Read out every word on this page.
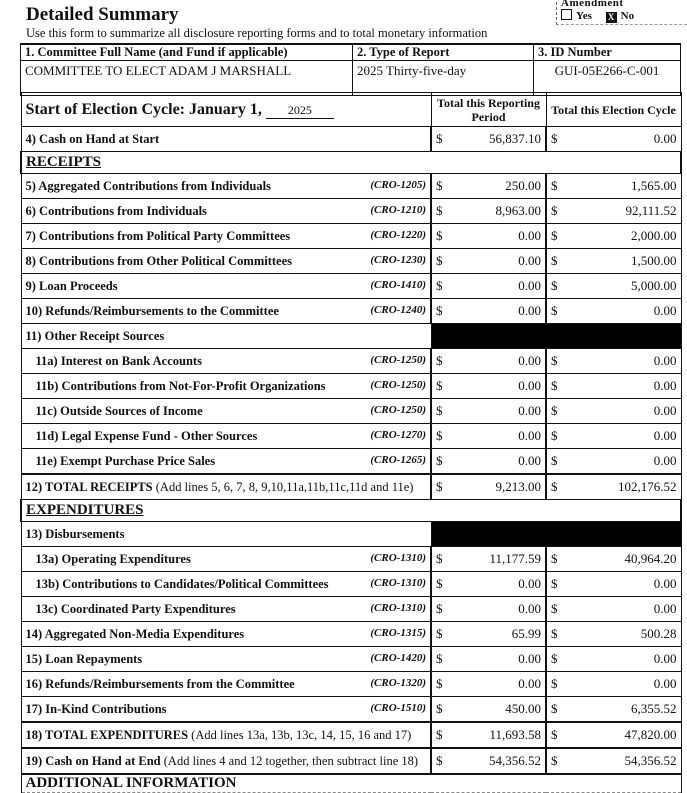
Detailed Summary
Use this form to summarize all disclosure reporting forms and to total monetary information
Amendment
Yes X No
1. Committee Full Name (and Fund if applicable)	2. Type of Report	3. ID Number
COMMITTEE TO ELECT ADAM J MARSHALL	2025 Thirty-five-day	GUI-05E266-C-001
Start of Election Cycle: January 1, 2025	Total this Reporting Period	Total this Election Cycle
4) Cash on Hand at Start	$ 56,837.10	$ 0.00

RECEIPTS		
5) Aggregated Contributions from Individuals (CRO-1205)	$ 250.00	$ 1,565.00

6) Contributions from Individuals (CRO-1210)	$ 8,963.00	$ 92,111.52

7) Contributions from Political Party Committees (CRO-1220)	$ 0.00	$ 2,000.00

8) Contributions from Other Political Committees (CRO-1230)	$ 0.00	$ 1,500.00

9) Loan Proceeds (CRO-1410)	$ 0.00	$ 5,000.00

10) Refunds/Reimbursements to the Committee (CRO-1240)	$ 0.00	$ 0.00

11) Other Receipt Sources		
11a) Interest on Bank Accounts (CRO-1250)	$ 0.00	$ 0.00

11b) Contributions from Not-For-Profit Organizations (CRO-1250)	$ 0.00	$ 0.00

11c) Outside Sources of Income (CRO-1250)	$ 0.00	$ 0.00

11d) Legal Expense Fund - Other Sources (CRO-1270)	$ 0.00	$ 0.00

11e) Exempt Purchase Price Sales (CRO-1265)	$ 0.00	$ 0.00

12) TOTAL RECEIPTS (Add lines 5, 6, 7, 8, 9,10,11a,11b,11c,11d and 11e)	$ 9,213.00	$ 102,176.52

EXPENDITURES		
13) Disbursements		
13a) Operating Expenditures (CRO-1310)	$ 11,177.59	$ 40,964.20

13b) Contributions to Candidates/Political Committees (CRO-1310)	$ 0.00	$ 0.00

13c) Coordinated Party Expenditures (CRO-1310)	$ 0.00	$ 0.00

14) Aggregated Non-Media Expenditures (CRO-1315)	$ 65.99	$ 500.28

15) Loan Repayments (CRO-1420)	$ 0.00	$ 0.00

16) Refunds/Reimbursements from the Committee (CRO-1320)	$ 0.00	$ 0.00

17) In-Kind Contributions (CRO-1510)	$ 450.00	$ 6,355.52

18) TOTAL EXPENDITURES (Add lines 13a, 13b, 13c, 14, 15, 16 and 17)	$ 11,693.58	$ 47,820.00

19) Cash on Hand at End (Add lines 4 and 12 together, then subtract line 18)	$ 54,356.52	$ 54,356.52

ADDITIONAL INFORMATION		
